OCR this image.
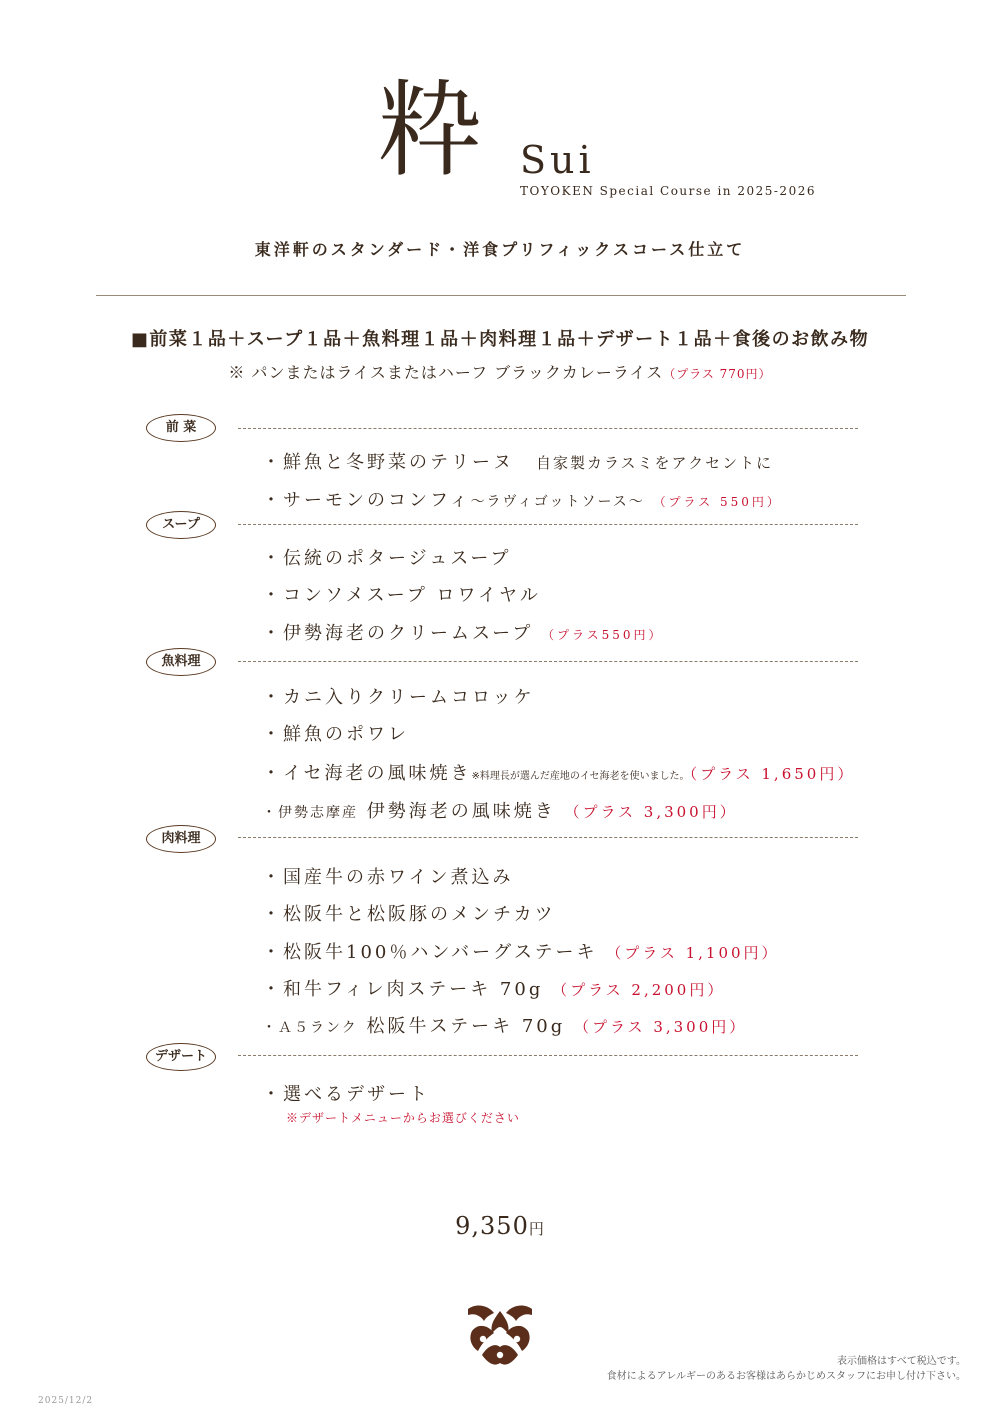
粋 Sui
TOYOKEN Special Course in 2025-2026
東洋軒のスタンダード・洋食プリフィックスコース仕立て
■前菜１品＋スープ１品＋魚料理１品＋肉料理１品＋デザート１品＋食後のお飲み物
※ パンまたはライスまたはハーフ ブラックカレーライス（プラス 770円）
前 菜
・鮮魚と冬野菜のテリーヌ 自家製カラスミをアクセントに
・サーモンのコンフィ～ラヴィゴットソース～ （プラス 550円）
スープ
・伝統のポタージュスープ
・コンソメスープ ロワイヤル
・伊勢海老のクリームスープ （プラス550円）
魚料理
・カニ入りクリームコロッケ
・鮮魚のポワレ
・イセ海老の風味焼き※料理長が選んだ産地のイセ海老を使いました。（プラス 1,650円）
・伊勢志摩産 伊勢海老の風味焼き （プラス 3,300円）
肉料理
・国産牛の赤ワイン煮込み
・松阪牛と松阪豚のメンチカツ
・松阪牛100％ハンバーグステーキ （プラス 1,100円）
・和牛フィレ肉ステーキ 70g （プラス 2,200円）
・Ａ５ランク 松阪牛ステーキ 70g （プラス 3,300円）
デザート
・選べるデザート
※デザートメニューからお選びください
9,350円
2025/12/2
表示価格はすべて税込です。
食材によるアレルギーのあるお客様はあらかじめスタッフにお申し付け下さい。
